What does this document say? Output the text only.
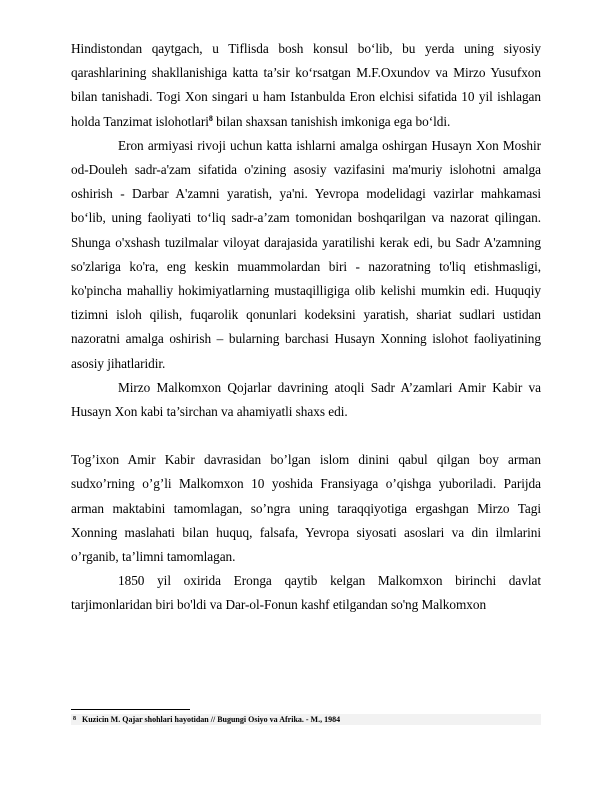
Hindistondan qaytgach, u Tiflisda bosh konsul bo‘lib, bu yerda uning siyosiy qarashlarining shakllanishiga katta ta’sir ko‘rsatgan M.F.Oxundov va Mirzo Yusufxon bilan tanishadi. Togi Xon singari u ham Istanbulda Eron elchisi sifatida 10 yil ishlagan holda Tanzimat islohotlari$^8$ bilan shaxsan tanishish imkoniga ega bo‘ldi.

Eron armiyasi rivoji uchun katta ishlarni amalga oshirgan Husayn Xon Moshir od-Douleh sadr-a'zam sifatida o'zining asosiy vazifasini ma'muriy islohotni amalga oshirish - Darbar A'zamni yaratish, ya'ni. Yevropa modelidagi vazirlar mahkamasi bo‘lib, uning faoliyati to‘liq sadr-a’zam tomonidan boshqarilgan va nazorat qilingan. Shunga o'xshash tuzilmalar viloyat darajasida yaratilishi kerak edi, bu Sadr A'zamning so'zlariga ko'ra, eng keskin muammolardan biri - nazoratning to'liq etishmasligi, ko'pincha mahalliy hokimiyatlarning mustaqilligiga olib kelishi mumkin edi. Huquqiy tizimni isloh qilish, fuqarolik qonunlari kodeksini yaratish, shariat sudlari ustidan nazoratni amalga oshirish – bularning barchasi Husayn Xonning islohot faoliyatining asosiy jihatlaridir.

Mirzo Malkomxon Qojarlar davrining atoqli Sadr A’zamlari Amir Kabir va Husayn Xon kabi ta’sirchan va ahamiyatli shaxs edi.

Tog’ixon Amir Kabir davrasidan bo’lgan islom dinini qabul qilgan boy arman sudxo’rning o’g’li Malkomxon 10 yoshida Fransiyaga o’qishga yuboriladi. Parijda arman maktabini tamomlagan, so’ngra uning taraqqiyotiga ergashgan Mirzo Tagi Xonning maslahati bilan huquq, falsafa, Yevropa siyosati asoslari va din ilmlarini o’rganib, ta’limni tamomlagan.

1850 yil oxirida Eronga qaytib kelgan Malkomxon birinchi davlat tarjimonlaridan biri bo'ldi va Dar-ol-Fonun kashf etilgandan so'ng Malkomxon

$^8$ Kuzicin M. Qajar shohlari hayotidan // Bugungi Osiyo va Afrika. - M., 1984
